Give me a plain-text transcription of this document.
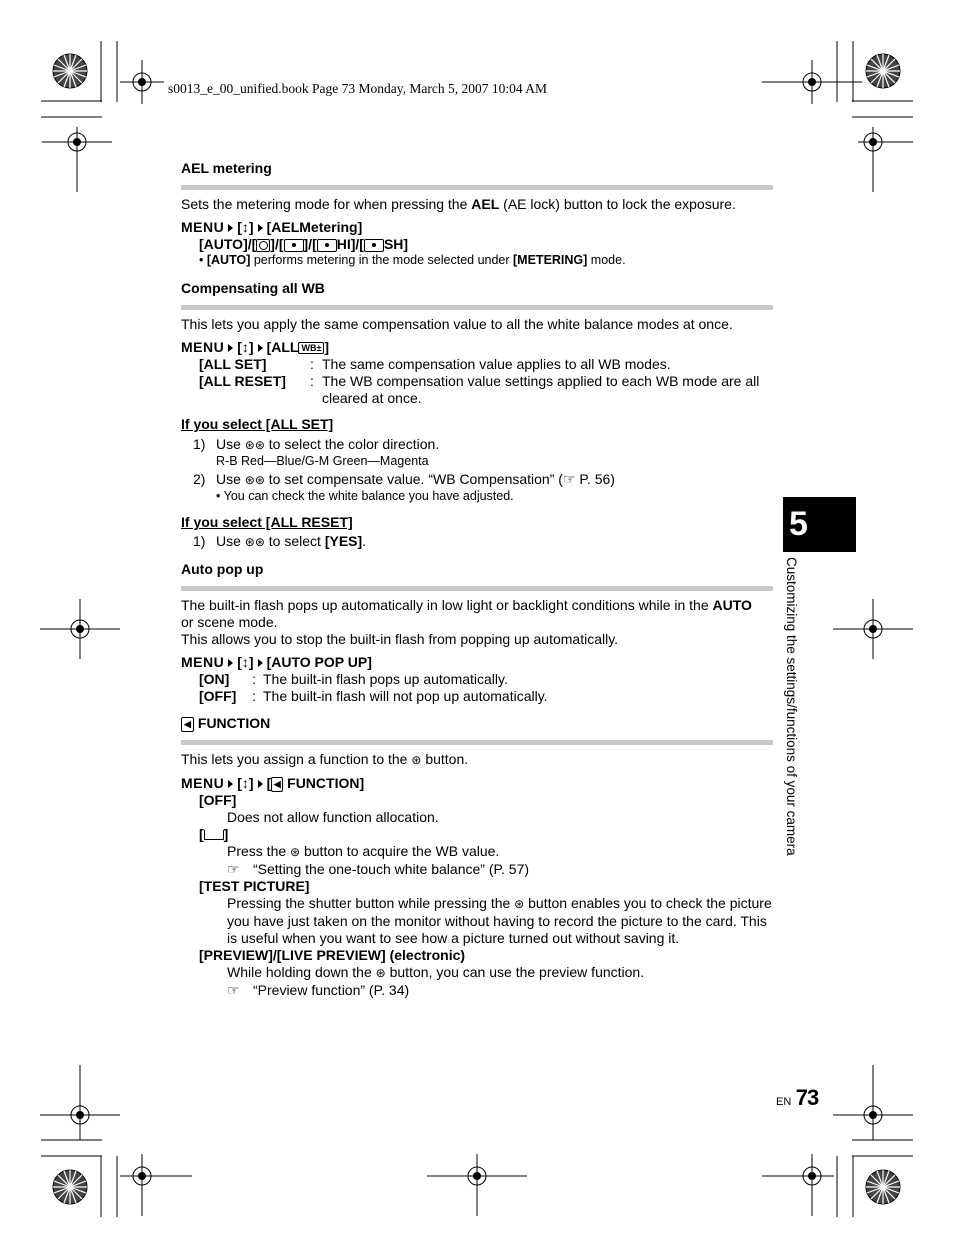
s0013_e_00_unified.book Page 73 Monday, March 5, 2007 10:04 AM
AEL metering
Sets the metering mode for when pressing the AEL (AE lock) button to lock the exposure.
MENU [↕] [AELMetering]
[AUTO]/[ ]/[ ]/[ HI]/[ SH]
• [AUTO] performs metering in the mode selected under [METERING] mode.
Compensating all WB
This lets you apply the same compensation value to all the white balance modes at once.
MENU [↕] [ALL WB± ]
[ALL SET]	: The same compensation value applies to all WB modes.
[ALL RESET]	: The WB compensation value settings applied to each WB mode are all cleared at once.
If you select [ALL SET]
1) Use ⊛⊛ to select the color direction.
R-B Red—Blue/G-M Green—Magenta
2) Use ⊛⊛ to set compensate value. “WB Compensation” (☞ P. 56)
• You can check the white balance you have adjusted.
If you select [ALL RESET]
1) Use ⊛⊛ to select [YES].
Auto pop up
The built-in flash pops up automatically in low light or backlight conditions while in the AUTO
or scene mode.
This allows you to stop the built-in flash from popping up automatically.
MENU [↕] [AUTO POP UP]
[ON]	: The built-in flash pops up automatically.
[OFF]	: The built-in flash will not pop up automatically.
◀ FUNCTION
This lets you assign a function to the ⊛ button.
MENU [↕] [ ◀ FUNCTION]
[OFF]
Does not allow function allocation.
[ ]
Press the ⊛ button to acquire the WB value.
☞ “Setting the one-touch white balance” (P. 57)
[TEST PICTURE]
Pressing the shutter button while pressing the ⊛ button enables you to check the picture you have just taken on the monitor without having to record the picture to the card. This is useful when you want to see how a picture turned out without saving it.
[PREVIEW]/[LIVE PREVIEW] (electronic)
While holding down the ⊛ button, you can use the preview function.
☞ “Preview function” (P. 34)
5
Customizing the settings/functions of your camera
EN 73
